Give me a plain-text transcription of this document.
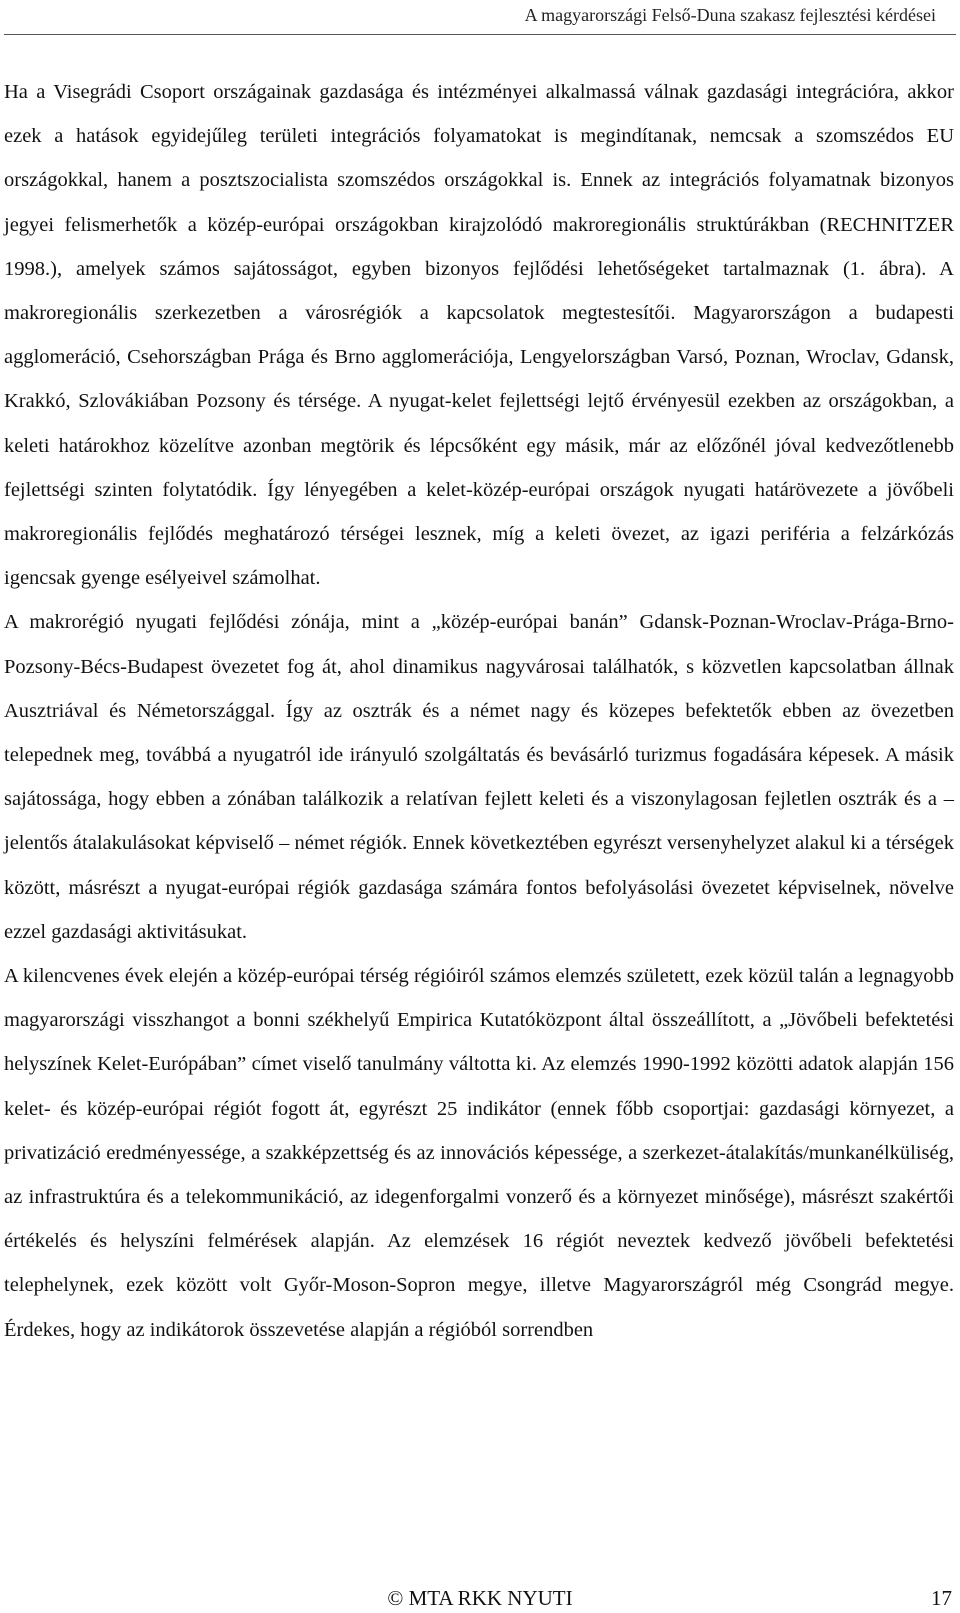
A magyarországi Felső-Duna szakasz fejlesztési kérdései

Ha a Visegrádi Csoport országainak gazdasága és intézményei alkalmassá válnak gazdasági integrációra, akkor ezek a hatások egyidejűleg területi integrációs folyamatokat is megindítanak, nemcsak a szomszédos EU országokkal, hanem a posztszocialista szomszédos országokkal is. Ennek az integrációs folyamatnak bizonyos jegyei felismerhetők a közép-európai országokban kirajzolódó makroregionális struktúrákban (RECHNITZER 1998.), amelyek számos sajátosságot, egyben bizonyos fejlődési lehetőségeket tartalmaznak (1. ábra). A makroregionális szerkezetben a városrégiók a kapcsolatok megtestesítői. Magyarországon a budapesti agglomeráció, Csehországban Prága és Brno agglomerációja, Lengyelországban Varsó, Poznan, Wroclav, Gdansk, Krakkó, Szlovákiában Pozsony és térsége. A nyugat-kelet fejlettségi lejtő érvényesül ezekben az országokban, a keleti határokhoz közelítve azonban megtörik és lépcsőként egy másik, már az előzőnél jóval kedvezőtlenebb fejlettségi szinten folytatódik. Így lényegében a kelet-közép-európai országok nyugati határövezete a jövőbeli makroregionális fejlődés meghatározó térségei lesznek, míg a keleti övezet, az igazi periféria a felzárkózás igencsak gyenge esélyeivel számolhat.

A makrorégió nyugati fejlődési zónája, mint a „közép-európai banán” Gdansk-Poznan-Wroclav-Prága-Brno-Pozsony-Bécs-Budapest övezetet fog át, ahol dinamikus nagyvárosai találhatók, s közvetlen kapcsolatban állnak Ausztriával és Németországgal. Így az osztrák és a német nagy és közepes befektetők ebben az övezetben telepednek meg, továbbá a nyugatról ide irányuló szolgáltatás és bevásárló turizmus fogadására képesek. A másik sajátossága, hogy ebben a zónában találkozik a relatívan fejlett keleti és a viszonylagosan fejletlen osztrák és a – jelentős átalakulásokat képviselő – német régiók. Ennek következtében egyrészt versenyhelyzet alakul ki a térségek között, másrészt a nyugat-európai régiók gazdasága számára fontos befolyásolási övezetet képviselnek, növelve ezzel gazdasági aktivitásukat.

A kilencvenes évek elején a közép-európai térség régióiról számos elemzés született, ezek közül talán a legnagyobb magyarországi visszhangot a bonni székhelyű Empirica Kutatóközpont által összeállított, a „Jövőbeli befektetési helyszínek Kelet-Európában” címet viselő tanulmány váltotta ki. Az elemzés 1990-1992 közötti adatok alapján 156 kelet- és közép-európai régiót fogott át, egyrészt 25 indikátor (ennek főbb csoportjai: gazdasági környezet, a privatizáció eredményessége, a szakképzettség és az innovációs képessége, a szerkezet-átalakítás/munkanélküliség, az infrastruktúra és a telekommunikáció, az idegenforgalmi vonzerő és a környezet minősége), másrészt szakértői értékelés és helyszíni felmérések alapján. Az elemzések 16 régiót neveztek kedvező jövőbeli befektetési telephelynek, ezek között volt Győr-Moson-Sopron megye, illetve Magyarországról még Csongrád megye. Érdekes, hogy az indikátorok összevetése alapján a régióból sorrendben

© MTA RKK NYUTI	17
